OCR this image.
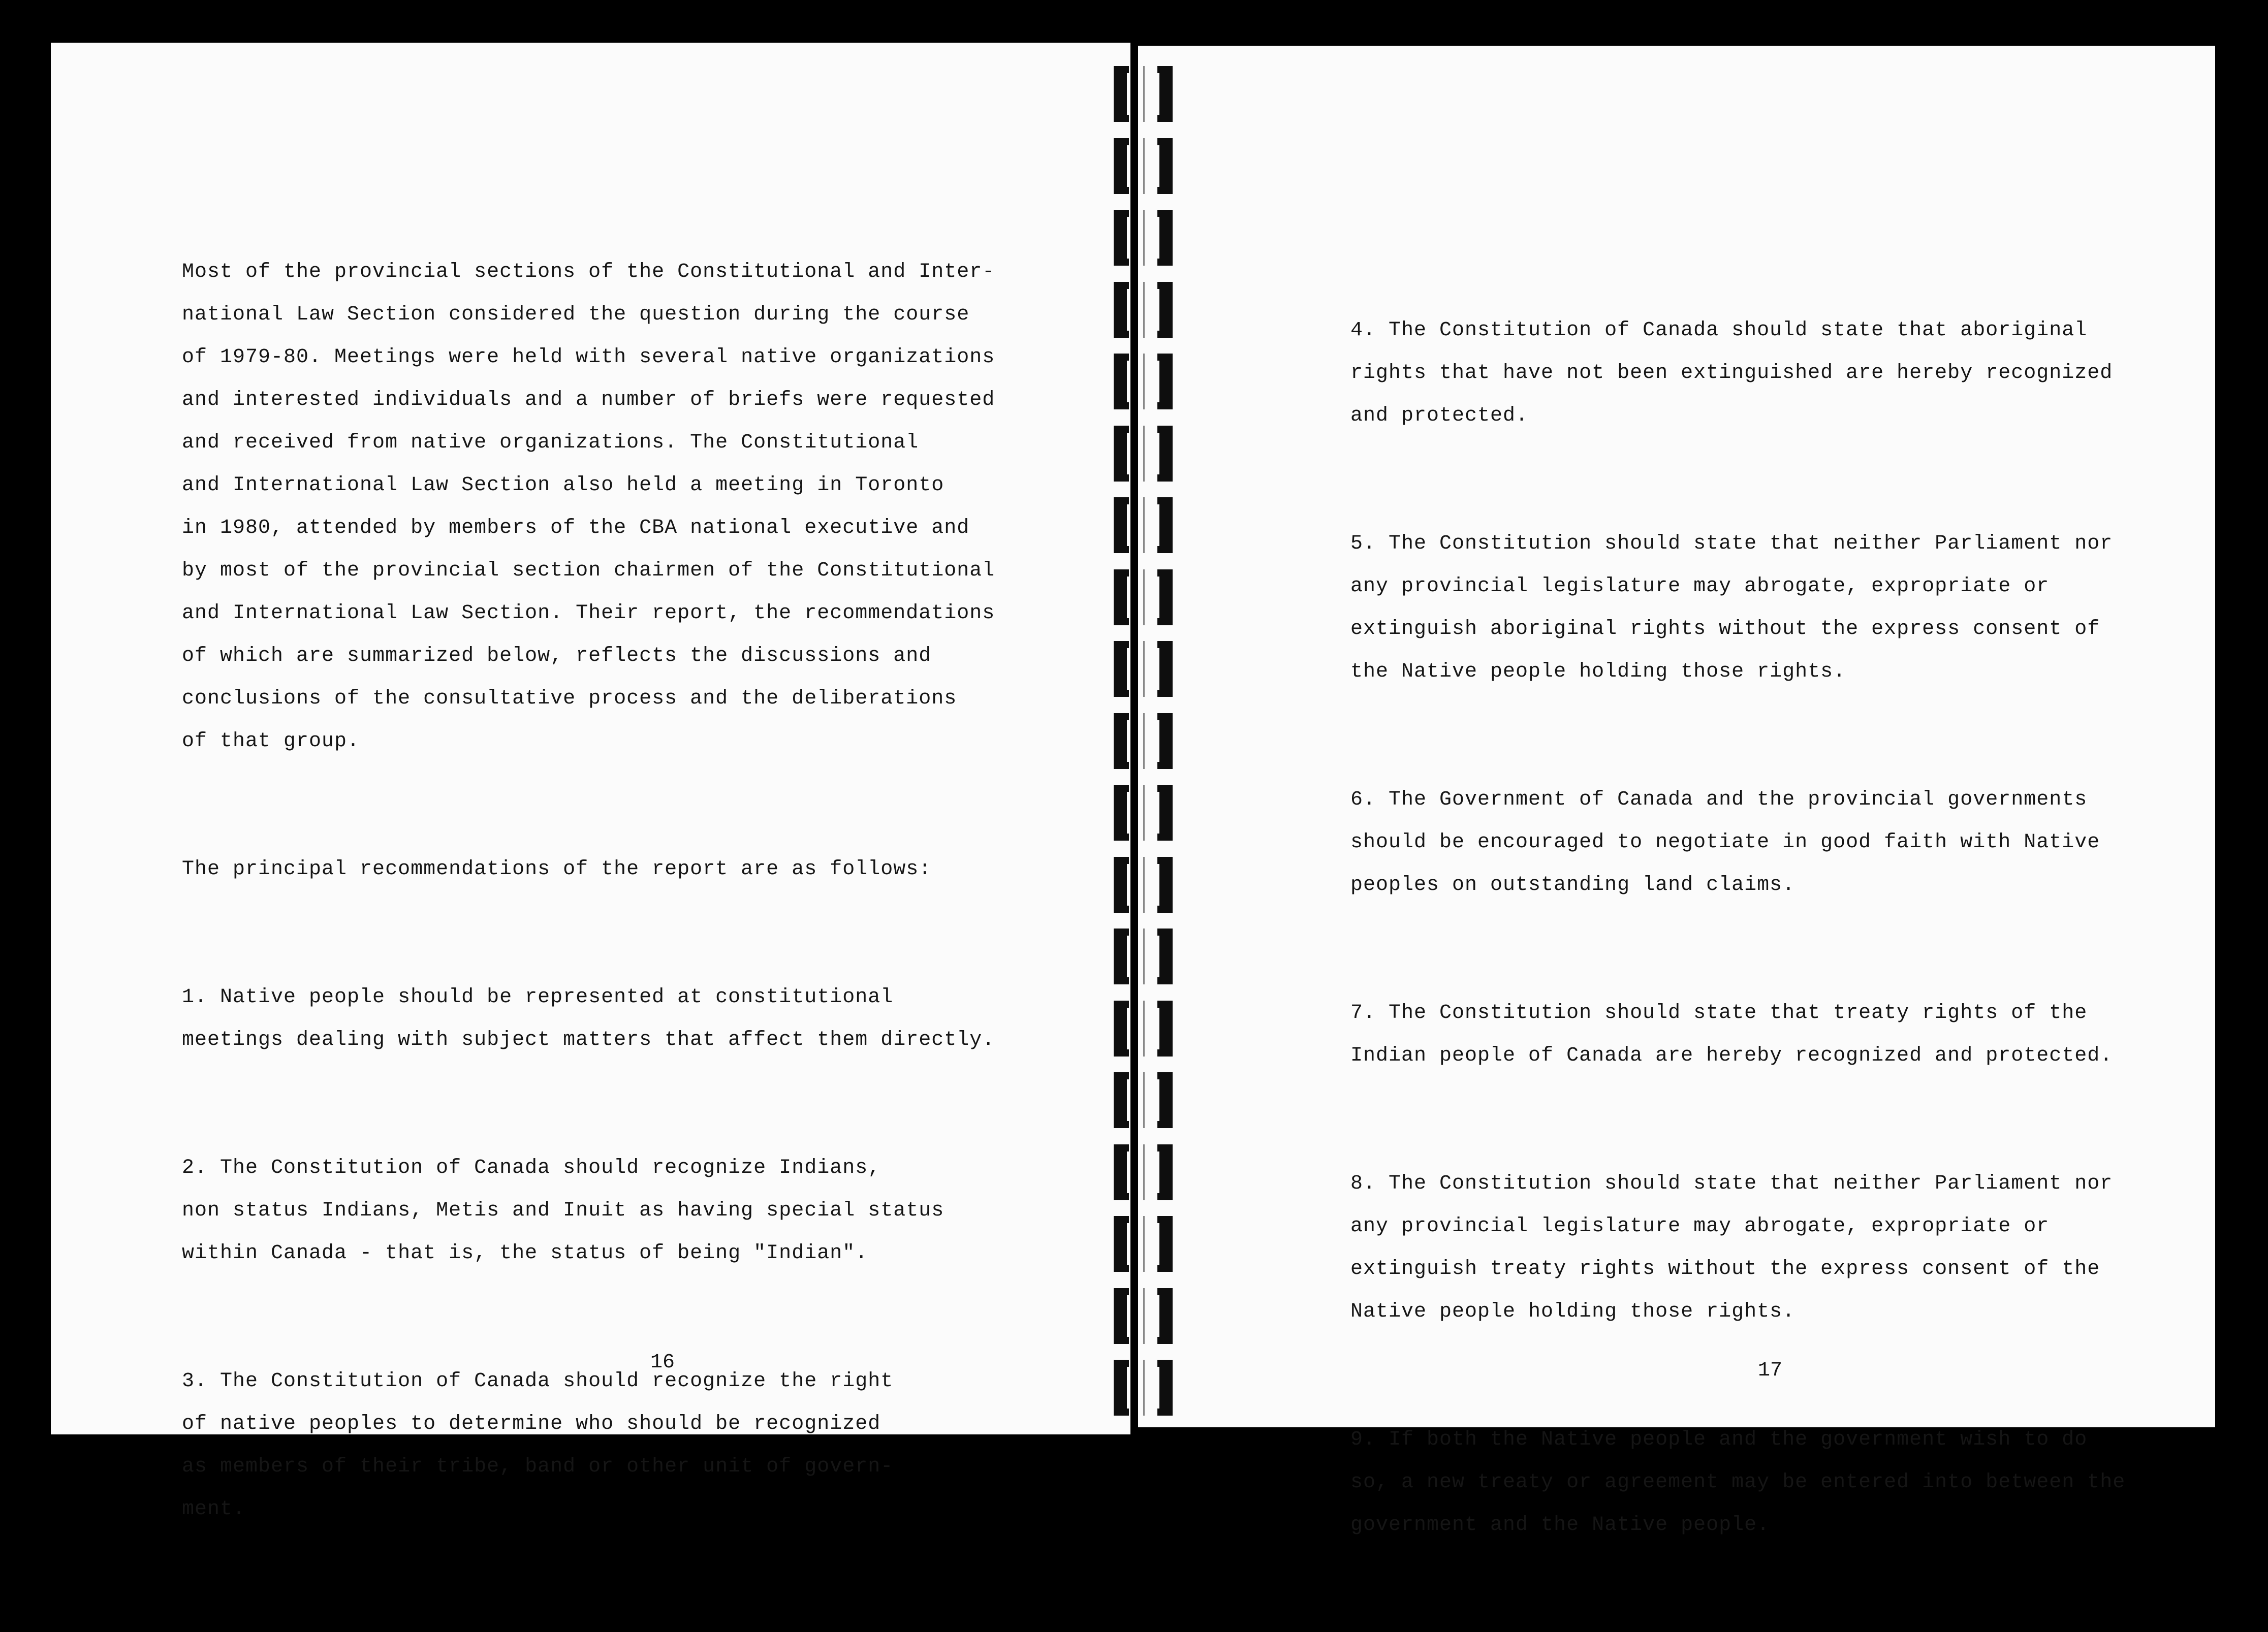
Most of the provincial sections of the Constitutional and Inter-
national Law Section considered the question during the course
of 1979-80. Meetings were held with several native organizations
and interested individuals and a number of briefs were requested
and received from native organizations. The Constitutional
and International Law Section also held a meeting in Toronto
in 1980, attended by members of the CBA national executive and
by most of the provincial section chairmen of the Constitutional
and International Law Section. Their report, the recommendations
of which are summarized below, reflects the discussions and
conclusions of the consultative process and the deliberations
of that group.

The principal recommendations of the report are as follows:

1. Native people should be represented at constitutional
meetings dealing with subject matters that affect them directly.

2. The Constitution of Canada should recognize Indians,
non status Indians, Metis and Inuit as having special status
within Canada - that is, the status of being "Indian".

3. The Constitution of Canada should recognize the right
of native peoples to determine who should be recognized
as members of their tribe, band or other unit of govern-
ment.

4. The Constitution of Canada should state that aboriginal
rights that have not been extinguished are hereby recognized
and protected.

5. The Constitution should state that neither Parliament nor
any provincial legislature may abrogate, expropriate or
extinguish aboriginal rights without the express consent of
the Native people holding those rights.

6. The Government of Canada and the provincial governments
should be encouraged to negotiate in good faith with Native
peoples on outstanding land claims.

7. The Constitution should state that treaty rights of the
Indian people of Canada are hereby recognized and protected.

8. The Constitution should state that neither Parliament nor
any provincial legislature may abrogate, expropriate or
extinguish treaty rights without the express consent of the
Native people holding those rights.

9. If both the Native people and the government wish to do
so, a new treaty or agreement may be entered into between the
government and the Native people.

16	17
